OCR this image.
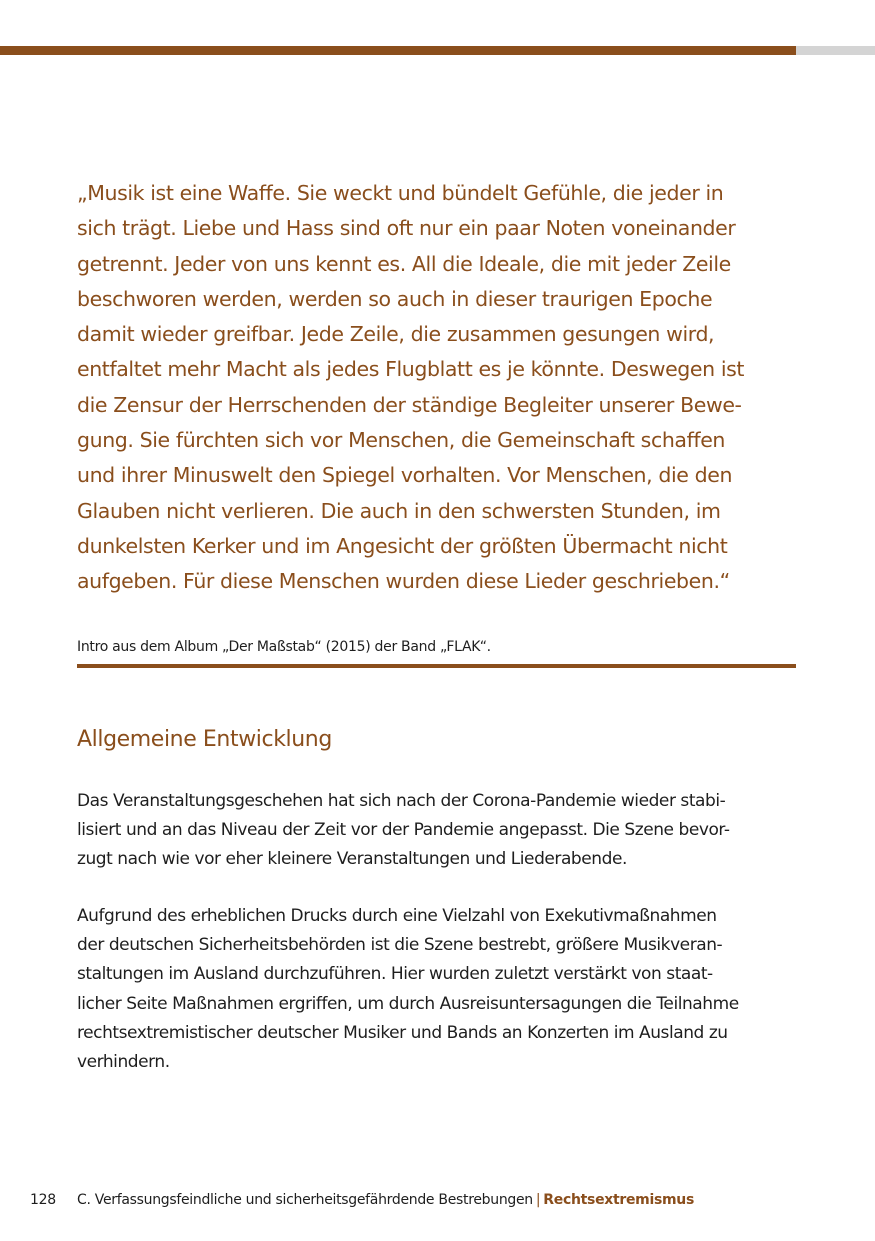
„Musik ist eine Waffe. Sie weckt und bündelt Gefühle, die jeder in
sich trägt. Liebe und Hass sind oft nur ein paar Noten voneinander
getrennt. Jeder von uns kennt es. All die Ideale, die mit jeder Zeile
beschworen werden, werden so auch in dieser traurigen Epoche
damit wieder greifbar. Jede Zeile, die zusammen gesungen wird,
entfaltet mehr Macht als jedes Flugblatt es je könnte. Deswegen ist
die Zensur der Herrschenden der ständige Begleiter unserer Bewe-
gung. Sie fürchten sich vor Menschen, die Gemeinschaft schaffen
und ihrer Minuswelt den Spiegel vorhalten. Vor Menschen, die den
Glauben nicht verlieren. Die auch in den schwersten Stunden, im
dunkelsten Kerker und im Angesicht der größten Übermacht nicht
aufgeben. Für diese Menschen wurden diese Lieder geschrieben.“

Intro aus dem Album „Der Maßstab“ (2015) der Band „FLAK“.

Allgemeine Entwicklung

Das Veranstaltungsgeschehen hat sich nach der Corona-Pandemie wieder stabi-
lisiert und an das Niveau der Zeit vor der Pandemie angepasst. Die Szene bevor-
zugt nach wie vor eher kleinere Veranstaltungen und Liederabende.

Aufgrund des erheblichen Drucks durch eine Vielzahl von Exekutivmaßnahmen
der deutschen Sicherheitsbehörden ist die Szene bestrebt, größere Musikveran-
staltungen im Ausland durchzuführen. Hier wurden zuletzt verstärkt von staat-
licher Seite Maßnahmen ergriffen, um durch Ausreisuntersagungen die Teilnahme
rechtsextremistischer deutscher Musiker und Bands an Konzerten im Ausland zu
verhindern.

128 C. Verfassungsfeindliche und sicherheitsgefährdende Bestrebungen | Rechtsextremismus
